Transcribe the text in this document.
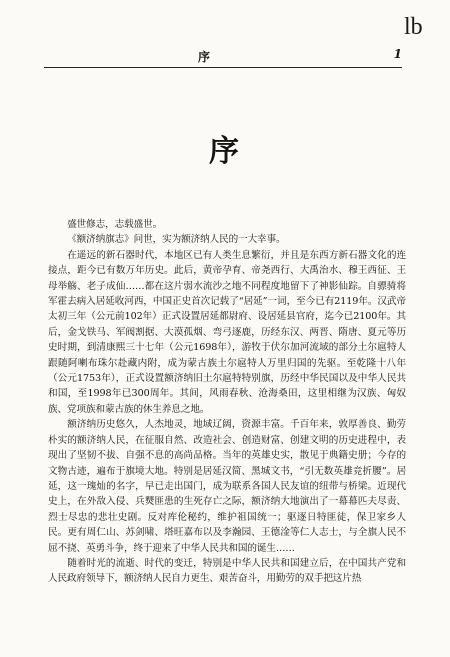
lb
序	1
序

盛世修志，志载盛世。

《额济纳旗志》问世，实为额济纳人民的一大幸事。

在遥远的新石器时代，本地区已有人类生息繁衍，并且是东西方新石器文化的连接点，距今已有数万年历史。此后，黄帝孕育、帝尧西行、大禹治水、穆王西征、王母举觞、老子成仙……都在这片弱水流沙之地不同程度地留下了神影仙踪。自骠骑将军霍去病入居延收河西，中国正史首次记载了“居延”一词，至今已有2119年。汉武帝太初三年（公元前102年）正式设置居延都尉府、设居延县官府，迄今已2100年。其后，金戈铁马、军阀割据、大漠孤烟、弯弓逐鹿，历经东汉、两晋、隋唐、夏元等历史时期，到清康熙三十七年（公元1698年），游牧于伏尔加河流域的部分土尔扈特人跟随阿喇布珠尔赴藏内附，成为蒙古族土尔扈特人万里归国的先驱。至乾隆十八年（公元1753年），正式设置额济纳旧土尔扈特特别旗，历经中华民国以及中华人民共和国，至1998年已300周年。其间，风雨春秋、沧海桑田，这里相继为汉族、匈奴族、党项族和蒙古族的休生养息之地。

额济纳历史悠久，人杰地灵，地域辽阔，资源丰富。千百年来，敦厚善良、勤劳朴实的额济纳人民，在征服自然、改造社会、创造财富、创建文明的历史进程中，表现出了坚韧不拔、自强不息的高尚品格。当年的英雄史实，散见于典籍史册；今存的文物古迹，遍布于旗境大地。特别是居延汉简、黑城文书，“引无数英雄竞折腰”。居延，这一瑰灿的名字，早已走出国门，成为联系各国人民友谊的纽带与桥梁。近现代史上，在外敌入侵、兵燹匪患的生死存亡之际，额济纳大地演出了一幕幕匹夫尽责、烈士尽忠的悲壮史剧。反对库伦秘约，维护祖国统一；驱逐日特匪徒，保卫家乡人民。更有周仁山、苏剑啸、塔旺嘉布以及李瀚园、王德淦等仁人志士，与全旗人民不屈不挠、英勇斗争，终于迎来了中华人民共和国的诞生……

随着时光的流逝、时代的变迁，特别是中华人民共和国建立后，在中国共产党和人民政府领导下，额济纳人民自力更生、艰苦奋斗，用勤劳的双手把这片热
